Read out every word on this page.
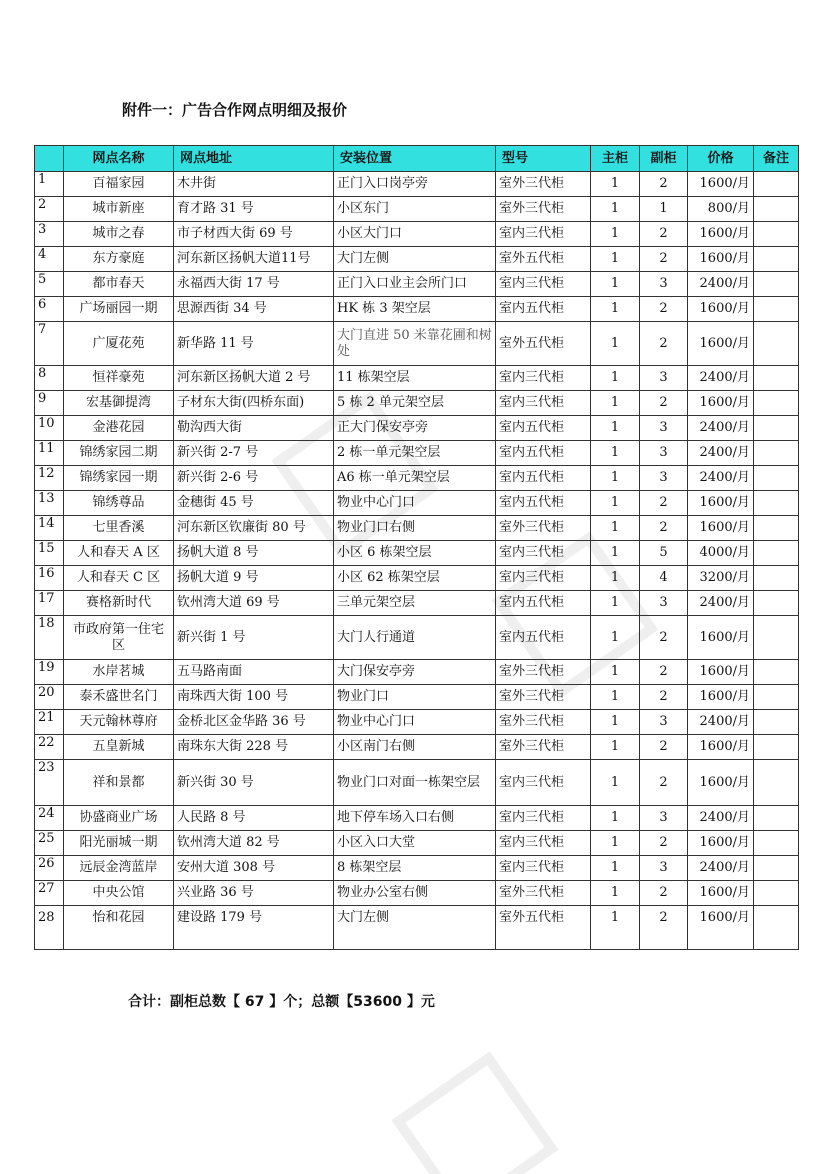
附件一：广告合作网点明细及报价
	网点名称	网点地址	安装位置	型号	主柜	副柜	价格	备注
1	百福家园	木井街	正门入口岗亭旁	室外三代柜	1	2	1600/月	
2	城市新座	育才路 31 号	小区东门	室外三代柜	1	1	800/月	
3	城市之春	市子材西大街 69 号	小区大门口	室内三代柜	1	2	1600/月	
4	东方豪庭	河东新区扬帆大道11号	大门左侧	室外五代柜	1	2	1600/月	
5	都市春天	永福西大街 17 号	正门入口业主会所门口	室内三代柜	1	3	2400/月	
6	广场丽园一期	思源西街 34 号	HK 栋 3 架空层	室内五代柜	1	2	1600/月	
7	广厦花苑	新华路 11 号	大门直进 50 米靠花圃和树处	室外五代柜	1	2	1600/月	
8	恒祥豪苑	河东新区扬帆大道 2 号	11 栋架空层	室内三代柜	1	3	2400/月	
9	宏基御提湾	子材东大街(四桥东面)	5 栋 2 单元架空层	室内三代柜	1	2	1600/月	
10	金港花园	勒沟西大街	正大门保安亭旁	室内五代柜	1	3	2400/月	
11	锦绣家园二期	新兴街 2-7 号	2 栋一单元架空层	室内五代柜	1	3	2400/月	
12	锦绣家园一期	新兴街 2-6 号	A6 栋一单元架空层	室内五代柜	1	3	2400/月	
13	锦绣尊品	金穗街 45 号	物业中心门口	室内五代柜	1	2	1600/月	
14	七里香溪	河东新区钦廉街 80 号	物业门口右侧	室外三代柜	1	2	1600/月	
15	人和春天 A 区	扬帆大道 8 号	小区 6 栋架空层	室内三代柜	1	5	4000/月	
16	人和春天 C 区	扬帆大道 9 号	小区 62 栋架空层	室内三代柜	1	4	3200/月	
17	赛格新时代	钦州湾大道 69 号	三单元架空层	室内五代柜	1	3	2400/月	
18	市政府第一住宅区	新兴街 1 号	大门人行通道	室内五代柜	1	2	1600/月	
19	水岸茗城	五马路南面	大门保安亭旁	室外三代柜	1	2	1600/月	
20	泰禾盛世名门	南珠西大街 100 号	物业门口	室外三代柜	1	2	1600/月	
21	天元翰林尊府	金桥北区金华路 36 号	物业中心门口	室外三代柜	1	3	2400/月	
22	五皇新城	南珠东大街 228 号	小区南门右侧	室外三代柜	1	2	1600/月	
23	祥和景都	新兴街 30 号	物业门口对面一栋架空层	室内三代柜	1	2	1600/月	
24	协盛商业广场	人民路 8 号	地下停车场入口右侧	室内三代柜	1	3	2400/月	
25	阳光丽城一期	钦州湾大道 82 号	小区入口大堂	室内三代柜	1	2	1600/月	
26	远辰金湾蓝岸	安州大道 308 号	8 栋架空层	室内三代柜	1	3	2400/月	
27	中央公馆	兴业路 36 号	物业办公室右侧	室外三代柜	1	2	1600/月	
28	怡和花园	建设路 179 号	大门左侧	室外五代柜	1	2	1600/月	
合计：副柜总数【 67 】个；总额【53600 】元
